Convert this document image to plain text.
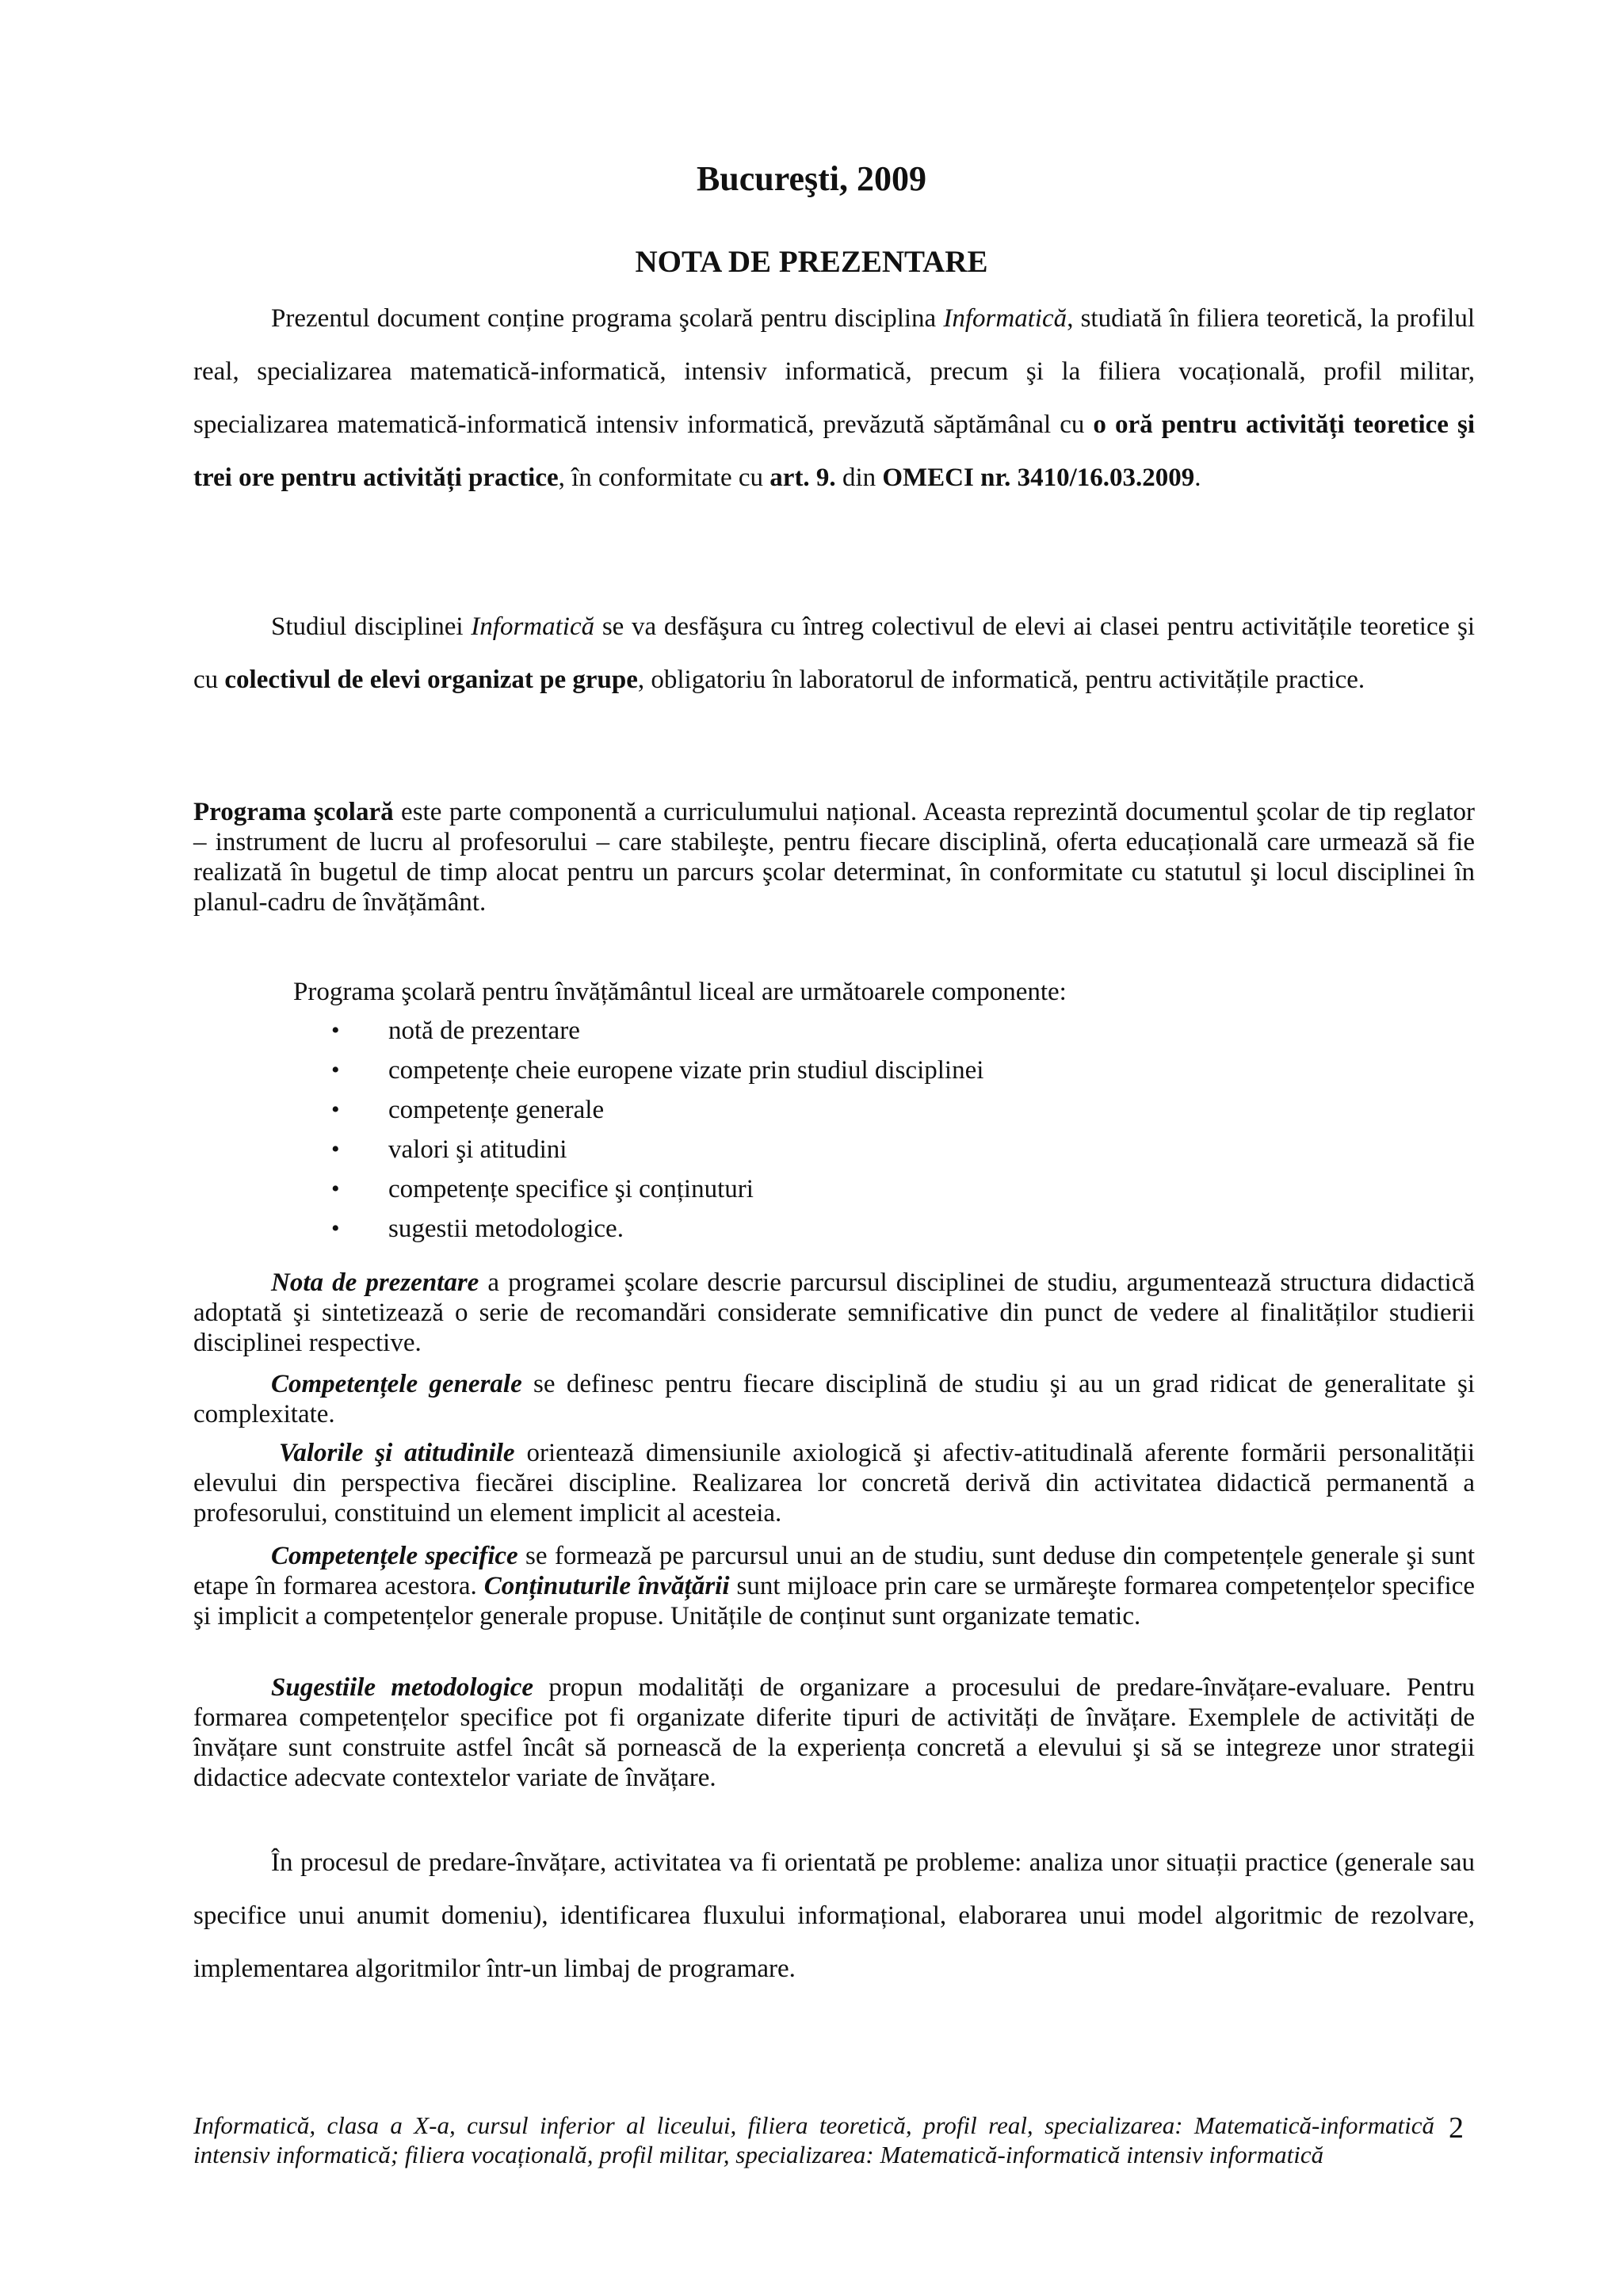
Bucureşti, 2009
NOTA DE PREZENTARE

Prezentul document conține programa şcolară pentru disciplina Informatică, studiată în filiera teoretică, la profilul real, specializarea matematică-informatică, intensiv informatică, precum şi la filiera vocațională, profil militar, specializarea matematică-informatică intensiv informatică, prevăzută săptămânal cu o oră pentru activități teoretice şi trei ore pentru activități practice, în conformitate cu art. 9. din OMECI nr. 3410/16.03.2009.

Studiul disciplinei Informatică se va desfăşura cu întreg colectivul de elevi ai clasei pentru activitățile teoretice şi cu colectivul de elevi organizat pe grupe, obligatoriu în laboratorul de informatică, pentru activitățile practice.

Programa şcolară este parte componentă a curriculumului național. Aceasta reprezintă documentul şcolar de tip reglator – instrument de lucru al profesorului – care stabileşte, pentru fiecare disciplină, oferta educațională care urmează să fie realizată în bugetul de timp alocat pentru un parcurs şcolar determinat, în conformitate cu statutul şi locul disciplinei în planul-cadru de învățământ.

Programa şcolară pentru învățământul liceal are următoarele componente:
•	notă de prezentare
•	competențe cheie europene vizate prin studiul disciplinei
•	competențe generale
•	valori şi atitudini
•	competențe specifice şi conținuturi
•	sugestii metodologice.

Nota de prezentare a programei şcolare descrie parcursul disciplinei de studiu, argumentează structura didactică adoptată şi sintetizează o serie de recomandări considerate semnificative din punct de vedere al finalităților studierii disciplinei respective.

Competențele generale se definesc pentru fiecare disciplină de studiu şi au un grad ridicat de generalitate şi complexitate.

Valorile şi atitudinile orientează dimensiunile axiologică şi afectiv-atitudinală aferente formării personalității elevului din perspectiva fiecărei discipline. Realizarea lor concretă derivă din activitatea didactică permanentă a profesorului, constituind un element implicit al acesteia.

Competențele specifice se formează pe parcursul unui an de studiu, sunt deduse din competențele generale şi sunt etape în formarea acestora. Conținuturile învățării sunt mijloace prin care se urmăreşte formarea competențelor specifice şi implicit a competențelor generale propuse. Unitățile de conținut sunt organizate tematic.

Sugestiile metodologice propun modalități de organizare a procesului de predare-învățare-evaluare. Pentru formarea competențelor specifice pot fi organizate diferite tipuri de activități de învățare. Exemplele de activități de învățare sunt construite astfel încât să pornească de la experiența concretă a elevului şi să se integreze unor strategii didactice adecvate contextelor variate de învățare.

În procesul de predare-învățare, activitatea va fi orientată pe probleme: analiza unor situații practice (generale sau specifice unui anumit domeniu), identificarea fluxului informațional, elaborarea unui model algoritmic de rezolvare, implementarea algoritmilor într-un limbaj de programare.

Informatică, clasa a X-a, cursul inferior al liceului, filiera teoretică, profil real, specializarea: Matematică-informatică intensiv informatică; filiera vocațională, profil militar, specializarea: Matematică-informatică intensiv informatică

2
